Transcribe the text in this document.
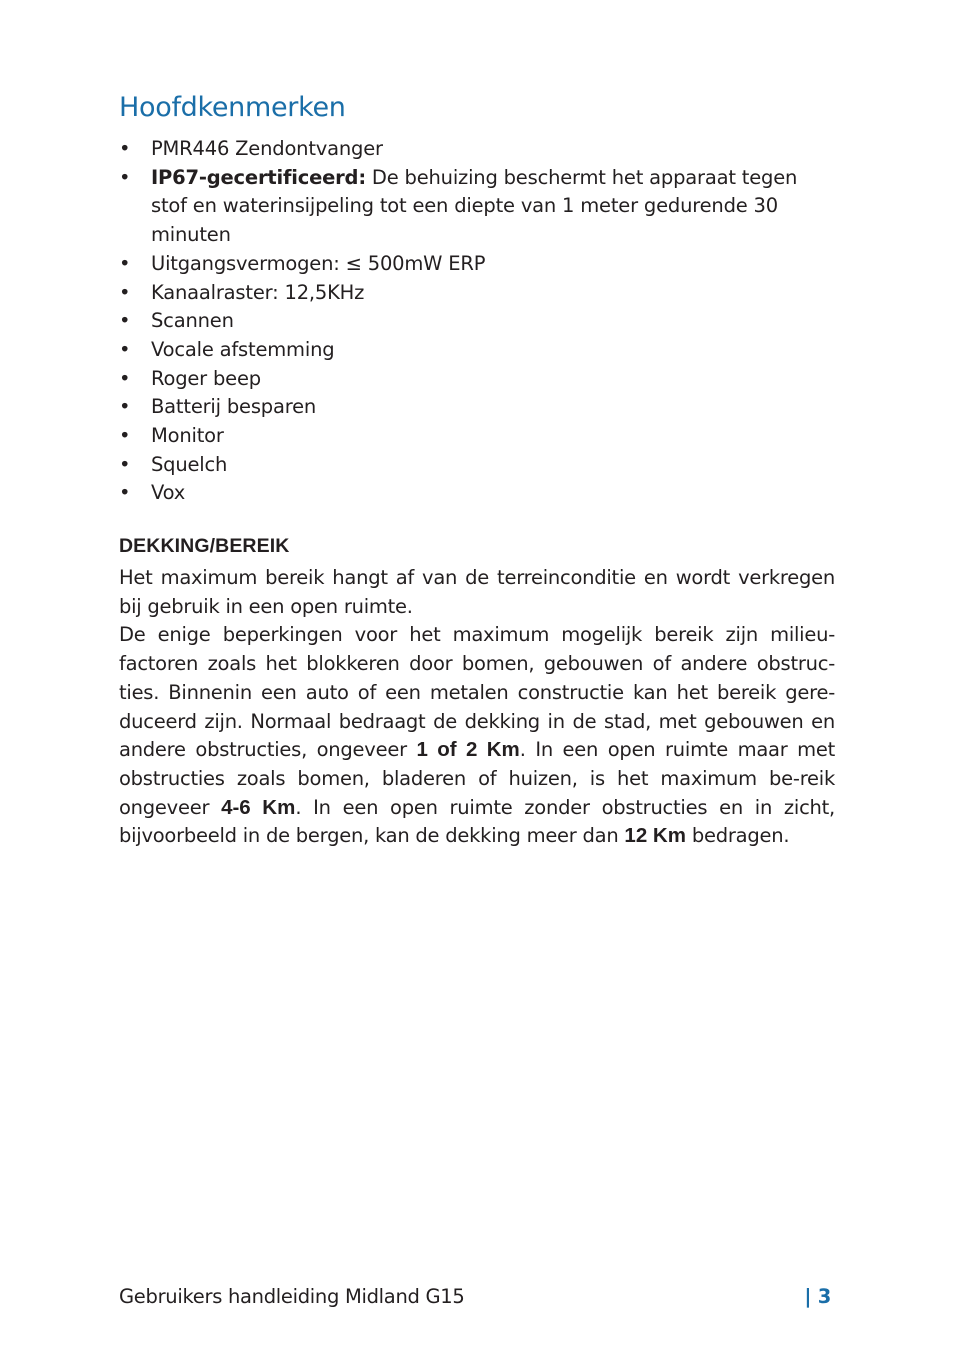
Hoofdkenmerken
• PMR446 Zendontvanger
• IP67-gecertificeerd: De behuizing beschermt het apparaat tegen stof en waterinsijpeling tot een diepte van 1 meter gedurende 30 minuten
• Uitgangsvermogen: ≤ 500mW ERP
• Kanaalraster: 12,5KHz
• Scannen
• Vocale afstemming
• Roger beep
• Batterij besparen
• Monitor
• Squelch
• Vox
DEKKING/BEREIK

Het maximum bereik hangt af van de terreinconditie en wordt verkregen bij gebruik in een open ruimte.

De enige beperkingen voor het maximum mogelijk bereik zijn milieu-factoren zoals het blokkeren door bomen, gebouwen of andere obstruc-ties. Binnenin een auto of een metalen constructie kan het bereik gere-duceerd zijn. Normaal bedraagt de dekking in de stad, met gebouwen en andere obstructies, ongeveer 1 of 2 Km. In een open ruimte maar met obstructies zoals bomen, bladeren of huizen, is het maximum be-reik ongeveer 4-6 Km. In een open ruimte zonder obstructies en in zicht, bijvoorbeeld in de bergen, kan de dekking meer dan 12 Km bedragen.

Gebruikers handleiding Midland G15	| 3
